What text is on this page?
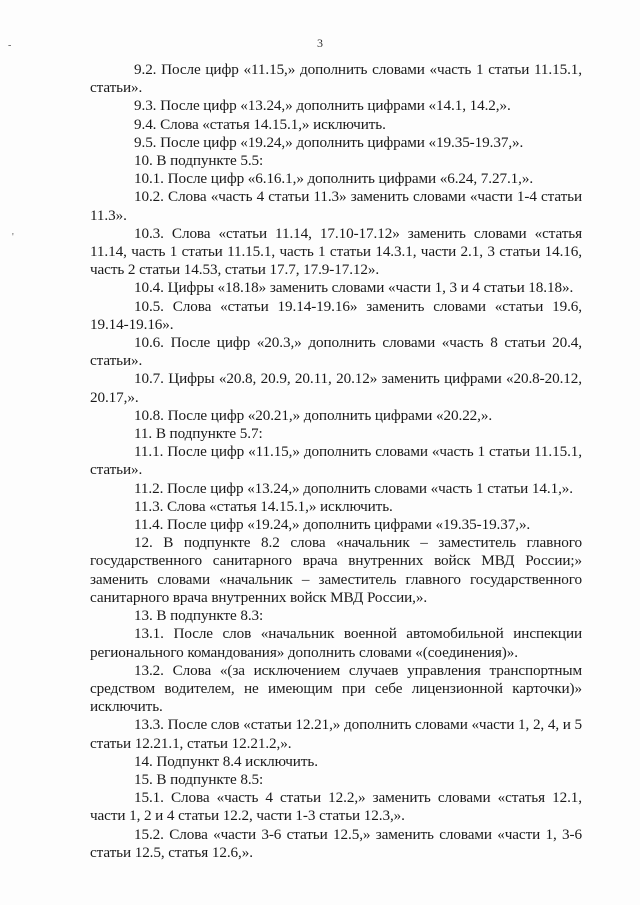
-
'
3

9.2. После цифр «11.15,» дополнить словами «часть 1 статьи 11.15.1, статьи».

9.3. После цифр «13.24,» дополнить цифрами «14.1, 14.2,».

9.4. Слова «статья 14.15.1,» исключить.

9.5. После цифр «19.24,» дополнить цифрами «19.35-19.37,».

10. В подпункте 5.5:

10.1. После цифр «6.16.1,» дополнить цифрами «6.24, 7.27.1,».

10.2. Слова «часть 4 статьи 11.3» заменить словами «части 1-4 статьи 11.3».

10.3. Слова «статьи 11.14, 17.10-17.12» заменить словами «статья 11.14, часть 1 статьи 11.15.1, часть 1 статьи 14.3.1, части 2.1, 3 статьи 14.16, часть 2 статьи 14.53, статьи 17.7, 17.9-17.12».

10.4. Цифры «18.18» заменить словами «части 1, 3 и 4 статьи 18.18».

10.5. Слова «статьи 19.14-19.16» заменить словами «статьи 19.6, 19.14-19.16».

10.6. После цифр «20.3,» дополнить словами «часть 8 статьи 20.4, статьи».

10.7. Цифры «20.8, 20.9, 20.11, 20.12» заменить цифрами «20.8-20.12, 20.17,».

10.8. После цифр «20.21,» дополнить цифрами «20.22,».

11. В подпункте 5.7:

11.1. После цифр «11.15,» дополнить словами «часть 1 статьи 11.15.1, статьи».

11.2. После цифр «13.24,» дополнить словами «часть 1 статьи 14.1,».

11.3. Слова «статья 14.15.1,» исключить.

11.4. После цифр «19.24,» дополнить цифрами «19.35-19.37,».

12. В подпункте 8.2 слова «начальник – заместитель главного государственного санитарного врача внутренних войск МВД России;» заменить словами «начальник – заместитель главного государственного санитарного врача внутренних войск МВД России,».

13. В подпункте 8.3:

13.1. После слов «начальник военной автомобильной инспекции регионального командования» дополнить словами «(соединения)».

13.2. Слова «(за исключением случаев управления транспортным средством водителем, не имеющим при себе лицензионной карточки)» исключить.

13.3. После слов «статьи 12.21,» дополнить словами «части 1, 2, 4, и 5 статьи 12.21.1, статьи 12.21.2,».

14. Подпункт 8.4 исключить.

15. В подпункте 8.5:

15.1. Слова «часть 4 статьи 12.2,» заменить словами «статья 12.1, части 1, 2 и 4 статьи 12.2, части 1-3 статьи 12.3,».

15.2. Слова «части 3-6 статьи 12.5,» заменить словами «части 1, 3-6 статьи 12.5, статья 12.6,».
